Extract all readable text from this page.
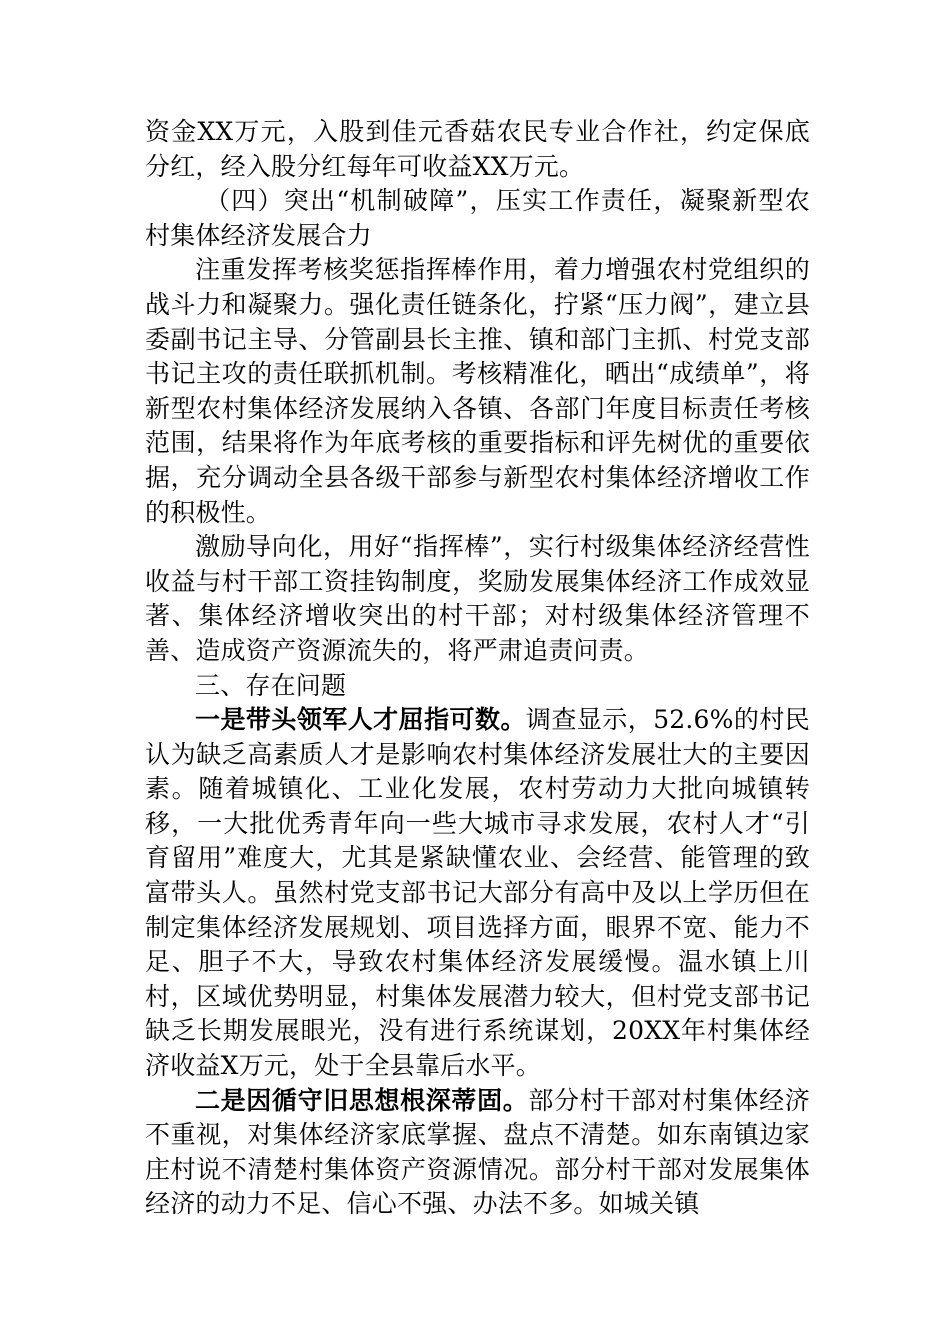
资金XX万元，入股到佳元香菇农民专业合作社，约定保底分红，经入股分红每年可收益XX万元。

（四）突出“机制破障”，压实工作责任，凝聚新型农村集体经济发展合力

注重发挥考核奖惩指挥棒作用，着力增强农村党组织的战斗力和凝聚力。强化责任链条化，拧紧“压力阀”，建立县委副书记主导、分管副县长主推、镇和部门主抓、村党支部书记主攻的责任联抓机制。考核精准化，晒出“成绩单”，将新型农村集体经济发展纳入各镇、各部门年度目标责任考核范围，结果将作为年底考核的重要指标和评先树优的重要依据，充分调动全县各级干部参与新型农村集体经济增收工作的积极性。

激励导向化，用好“指挥棒”，实行村级集体经济经营性收益与村干部工资挂钩制度，奖励发展集体经济工作成效显著、集体经济增收突出的村干部；对村级集体经济管理不善、造成资产资源流失的，将严肃追责问责。

三、存在问题

一是带头领军人才屈指可数。调查显示，52.6%的村民认为缺乏高素质人才是影响农村集体经济发展壮大的主要因素。随着城镇化、工业化发展，农村劳动力大批向城镇转移，一大批优秀青年向一些大城市寻求发展，农村人才“引育留用”难度大，尤其是紧缺懂农业、会经营、能管理的致富带头人。虽然村党支部书记大部分有高中及以上学历但在制定集体经济发展规划、项目选择方面，眼界不宽、能力不足、胆子不大，导致农村集体经济发展缓慢。温水镇上川村，区域优势明显，村集体发展潜力较大，但村党支部书记缺乏长期发展眼光，没有进行系统谋划，20XX年村集体经济收益X万元，处于全县靠后水平。

二是因循守旧思想根深蒂固。部分村干部对村集体经济不重视，对集体经济家底掌握、盘点不清楚。如东南镇边家庄村说不清楚村集体资产资源情况。部分村干部对发展集体经济的动力不足、信心不强、办法不多。如城关镇
